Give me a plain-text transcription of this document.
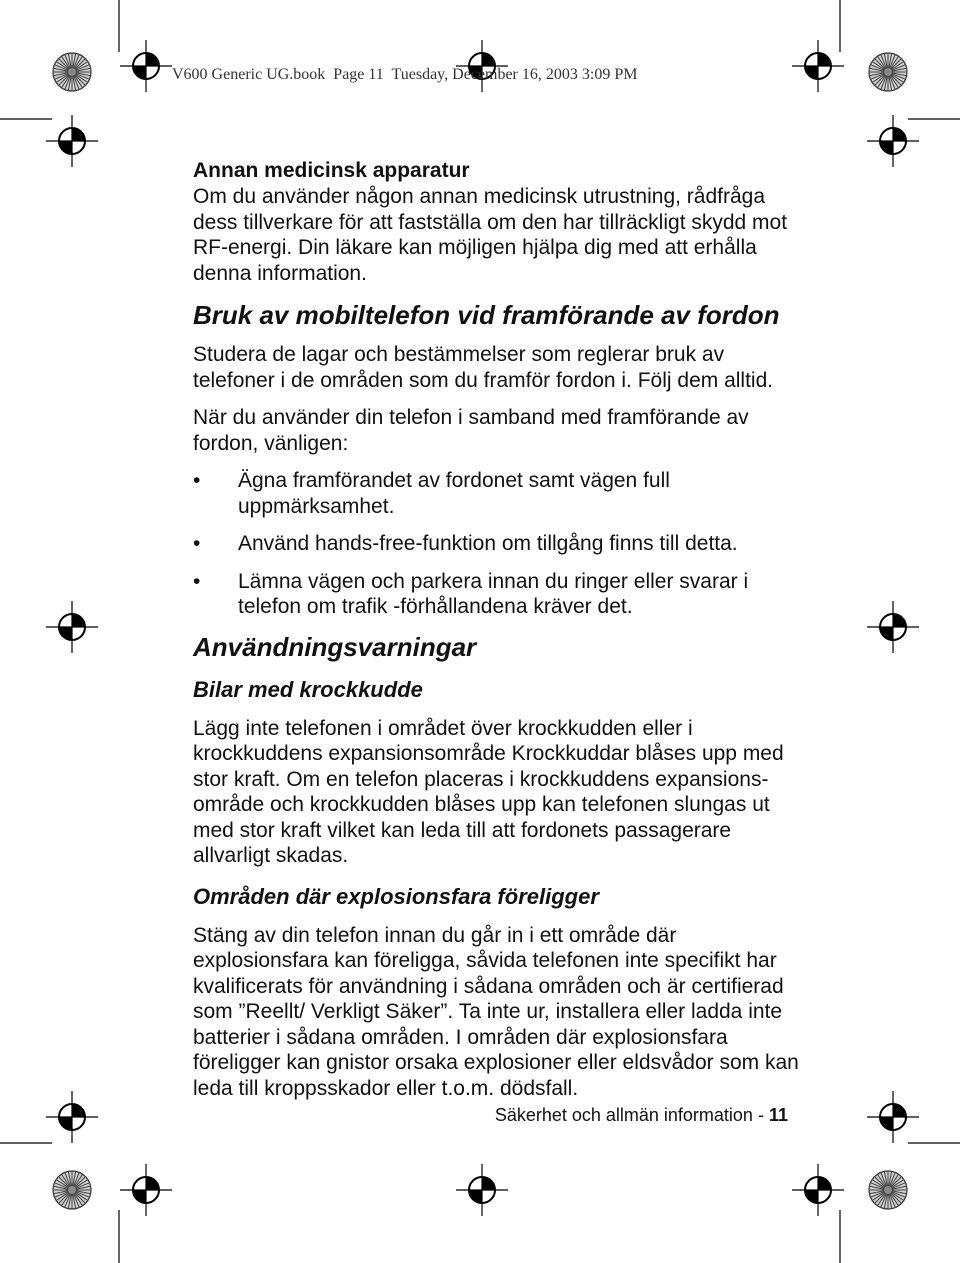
V600 Generic UG.book Page 11 Tuesday, December 16, 2003 3:09 PM
Annan medicinsk apparatur

Om du använder någon annan medicinsk utrustning, rådfråga dess tillverkare för att fastställa om den har tillräckligt skydd mot RF-energi. Din läkare kan möjligen hjälpa dig med att erhålla denna information.

Bruk av mobiltelefon vid framförande av fordon

Studera de lagar och bestämmelser som reglerar bruk av telefoner i de områden som du framför fordon i. Följ dem alltid.

När du använder din telefon i samband med framförande av fordon, vänligen:

• Ägna framförandet av fordonet samt vägen full uppmärksamhet.
• Använd hands-free-funktion om tillgång finns till detta.
• Lämna vägen och parkera innan du ringer eller svarar i telefon om trafik -förhållandena kräver det.
Användningsvarningar
Bilar med krockkudde

Lägg inte telefonen i området över krockkudden eller i krockkuddens expansionsområde Krockkuddar blåses upp med stor kraft. Om en telefon placeras i krockkuddens expansions-område och krockkudden blåses upp kan telefonen slungas ut med stor kraft vilket kan leda till att fordonets passagerare allvarligt skadas.

Områden där explosionsfara föreligger

Stäng av din telefon innan du går in i ett område där explosionsfara kan föreligga, såvida telefonen inte specifikt har kvalificerats för användning i sådana områden och är certifierad som ”Reellt/ Verkligt Säker”. Ta inte ur, installera eller ladda inte batterier i sådana områden. I områden där explosionsfara föreligger kan gnistor orsaka explosioner eller eldsvådor som kan leda till kroppsskador eller t.o.m. dödsfall.

Säkerhet och allmän information - 11
